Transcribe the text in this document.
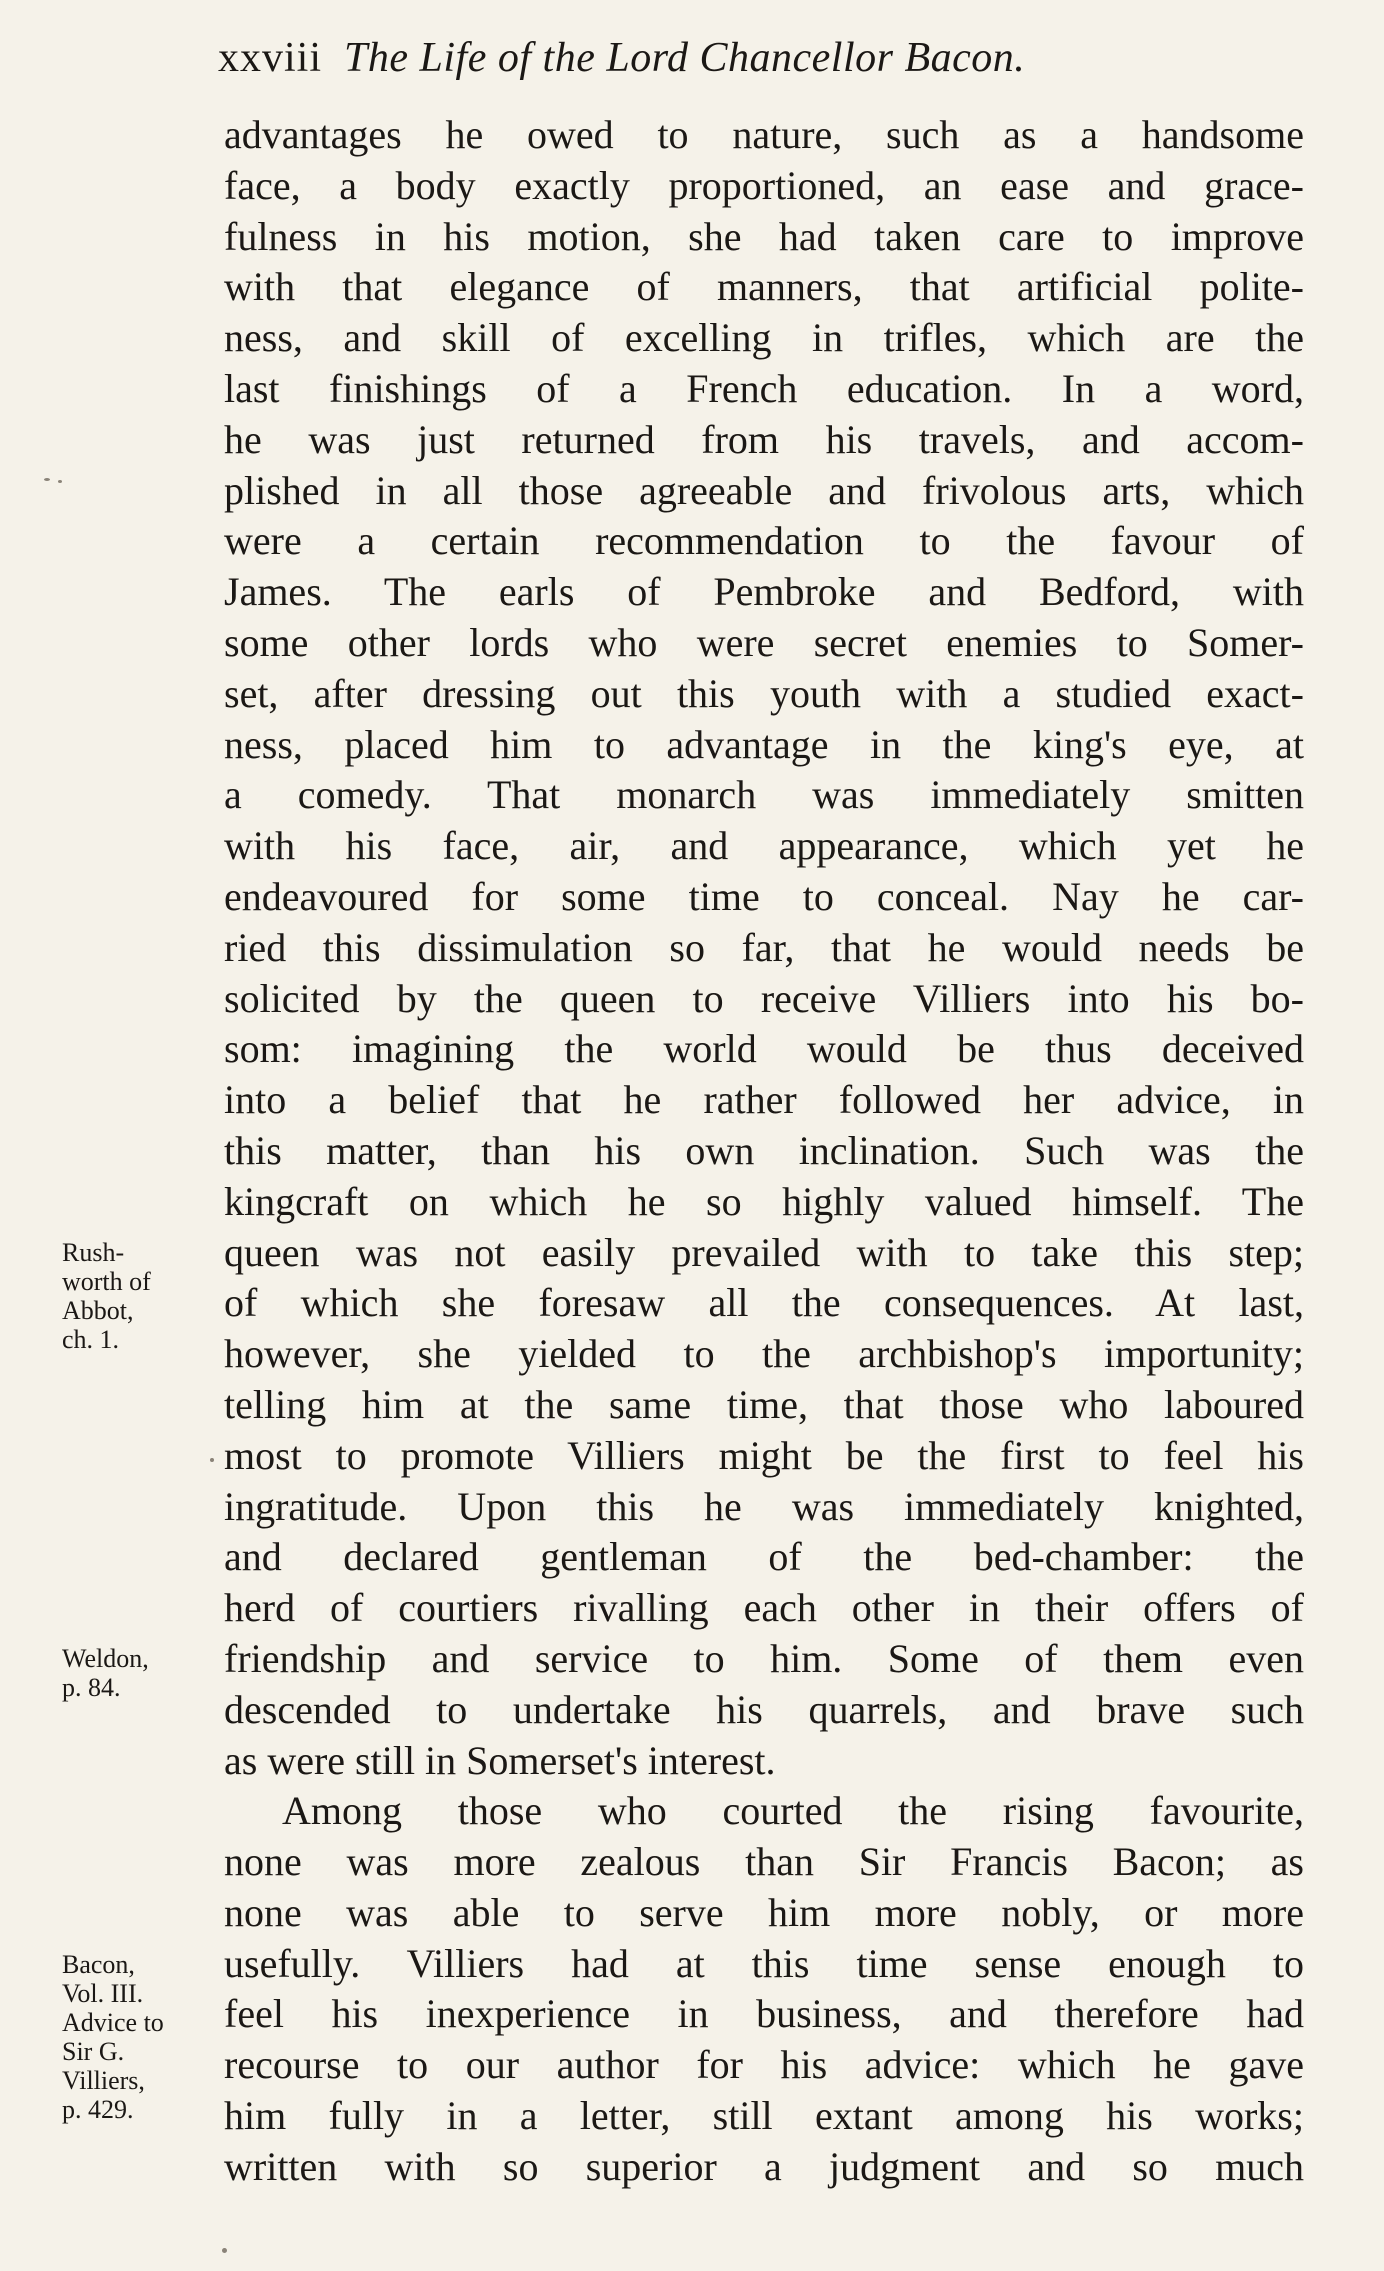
xxviii The Life of the Lord Chancellor Bacon.
advantages he owed to nature, such as a handsome
face, a body exactly proportioned, an ease and grace-
fulness in his motion, she had taken care to improve
with that elegance of manners, that artificial polite-
ness, and skill of excelling in trifles, which are the
last finishings of a French education. In a word,
he was just returned from his travels, and accom-
plished in all those agreeable and frivolous arts, which
were a certain recommendation to the favour of
James. The earls of Pembroke and Bedford, with
some other lords who were secret enemies to Somer-
set, after dressing out this youth with a studied exact-
ness, placed him to advantage in the king's eye, at
a comedy. That monarch was immediately smitten
with his face, air, and appearance, which yet he
endeavoured for some time to conceal. Nay he car-
ried this dissimulation so far, that he would needs be
solicited by the queen to receive Villiers into his bo-
som: imagining the world would be thus deceived
into a belief that he rather followed her advice, in
this matter, than his own inclination. Such was the
kingcraft on which he so highly valued himself. The
queen was not easily prevailed with to take this step;
of which she foresaw all the consequences. At last,
however, she yielded to the archbishop's importunity;
telling him at the same time, that those who laboured
most to promote Villiers might be the first to feel his
ingratitude. Upon this he was immediately knighted,
and declared gentleman of the bed-chamber: the
herd of courtiers rivalling each other in their offers of
friendship and service to him. Some of them even
descended to undertake his quarrels, and brave such
as were still in Somerset's interest.
Among those who courted the rising favourite,
none was more zealous than Sir Francis Bacon; as
none was able to serve him more nobly, or more
usefully. Villiers had at this time sense enough to
feel his inexperience in business, and therefore had
recourse to our author for his advice: which he gave
him fully in a letter, still extant among his works;
written with so superior a judgment and so much
Rush-
worth of
Abbot,
ch. 1.
Weldon,
p. 84.
Bacon,
Vol. III.
Advice to
Sir G.
Villiers,
p. 429.
